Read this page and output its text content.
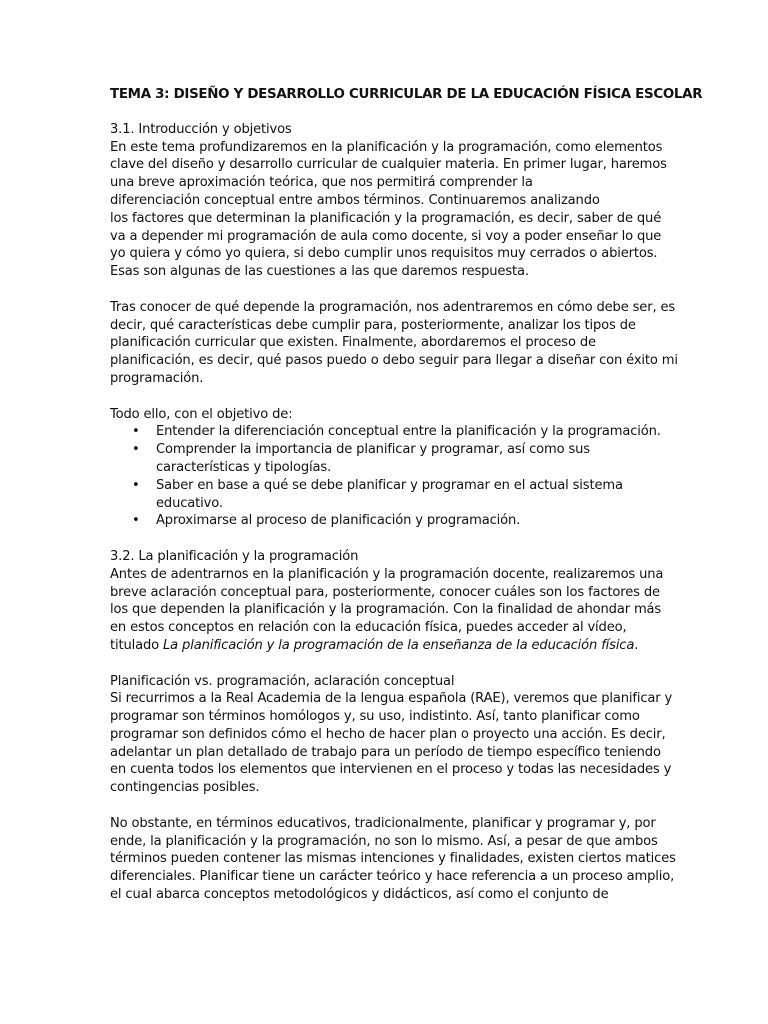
TEMA 3: DISEÑO Y DESARROLLO CURRICULAR DE LA EDUCACIÓN FÍSICA ESCOLAR
3.1. Introducción y objetivos
En este tema profundizaremos en la planificación y la programación, como elementos
clave del diseño y desarrollo curricular de cualquier materia. En primer lugar, haremos
una breve aproximación teórica, que nos permitirá comprender la
diferenciación conceptual entre ambos términos. Continuaremos analizando
los factores que determinan la planificación y la programación, es decir, saber de qué
va a depender mi programación de aula como docente, si voy a poder enseñar lo que
yo quiera y cómo yo quiera, si debo cumplir unos requisitos muy cerrados o abiertos.
Esas son algunas de las cuestiones a las que daremos respuesta.
Tras conocer de qué depende la programación, nos adentraremos en cómo debe ser, es
decir, qué características debe cumplir para, posteriormente, analizar los tipos de
planificación curricular que existen. Finalmente, abordaremos el proceso de
planificación, es decir, qué pasos puedo o debo seguir para llegar a diseñar con éxito mi
programación.
Todo ello, con el objetivo de:
• Entender la diferenciación conceptual entre la planificación y la programación.
• Comprender la importancia de planificar y programar, así como sus
características y tipologías.
• Saber en base a qué se debe planificar y programar en el actual sistema
educativo.
• Aproximarse al proceso de planificación y programación.
3.2. La planificación y la programación
Antes de adentrarnos en la planificación y la programación docente, realizaremos una
breve aclaración conceptual para, posteriormente, conocer cuáles son los factores de
los que dependen la planificación y la programación. Con la finalidad de ahondar más
en estos conceptos en relación con la educación física, puedes acceder al vídeo,
titulado La planificación y la programación de la enseñanza de la educación física.
Planificación vs. programación, aclaración conceptual
Si recurrimos a la Real Academia de la lengua española (RAE), veremos que planificar y
programar son términos homólogos y, su uso, indistinto. Así, tanto planificar como
programar son definidos cómo el hecho de hacer plan o proyecto una acción. Es decir,
adelantar un plan detallado de trabajo para un período de tiempo específico teniendo
en cuenta todos los elementos que intervienen en el proceso y todas las necesidades y
contingencias posibles.
No obstante, en términos educativos, tradicionalmente, planificar y programar y, por
ende, la planificación y la programación, no son lo mismo. Así, a pesar de que ambos
términos pueden contener las mismas intenciones y finalidades, existen ciertos matices
diferenciales. Planificar tiene un carácter teórico y hace referencia a un proceso amplio,
el cual abarca conceptos metodológicos y didácticos, así como el conjunto de
